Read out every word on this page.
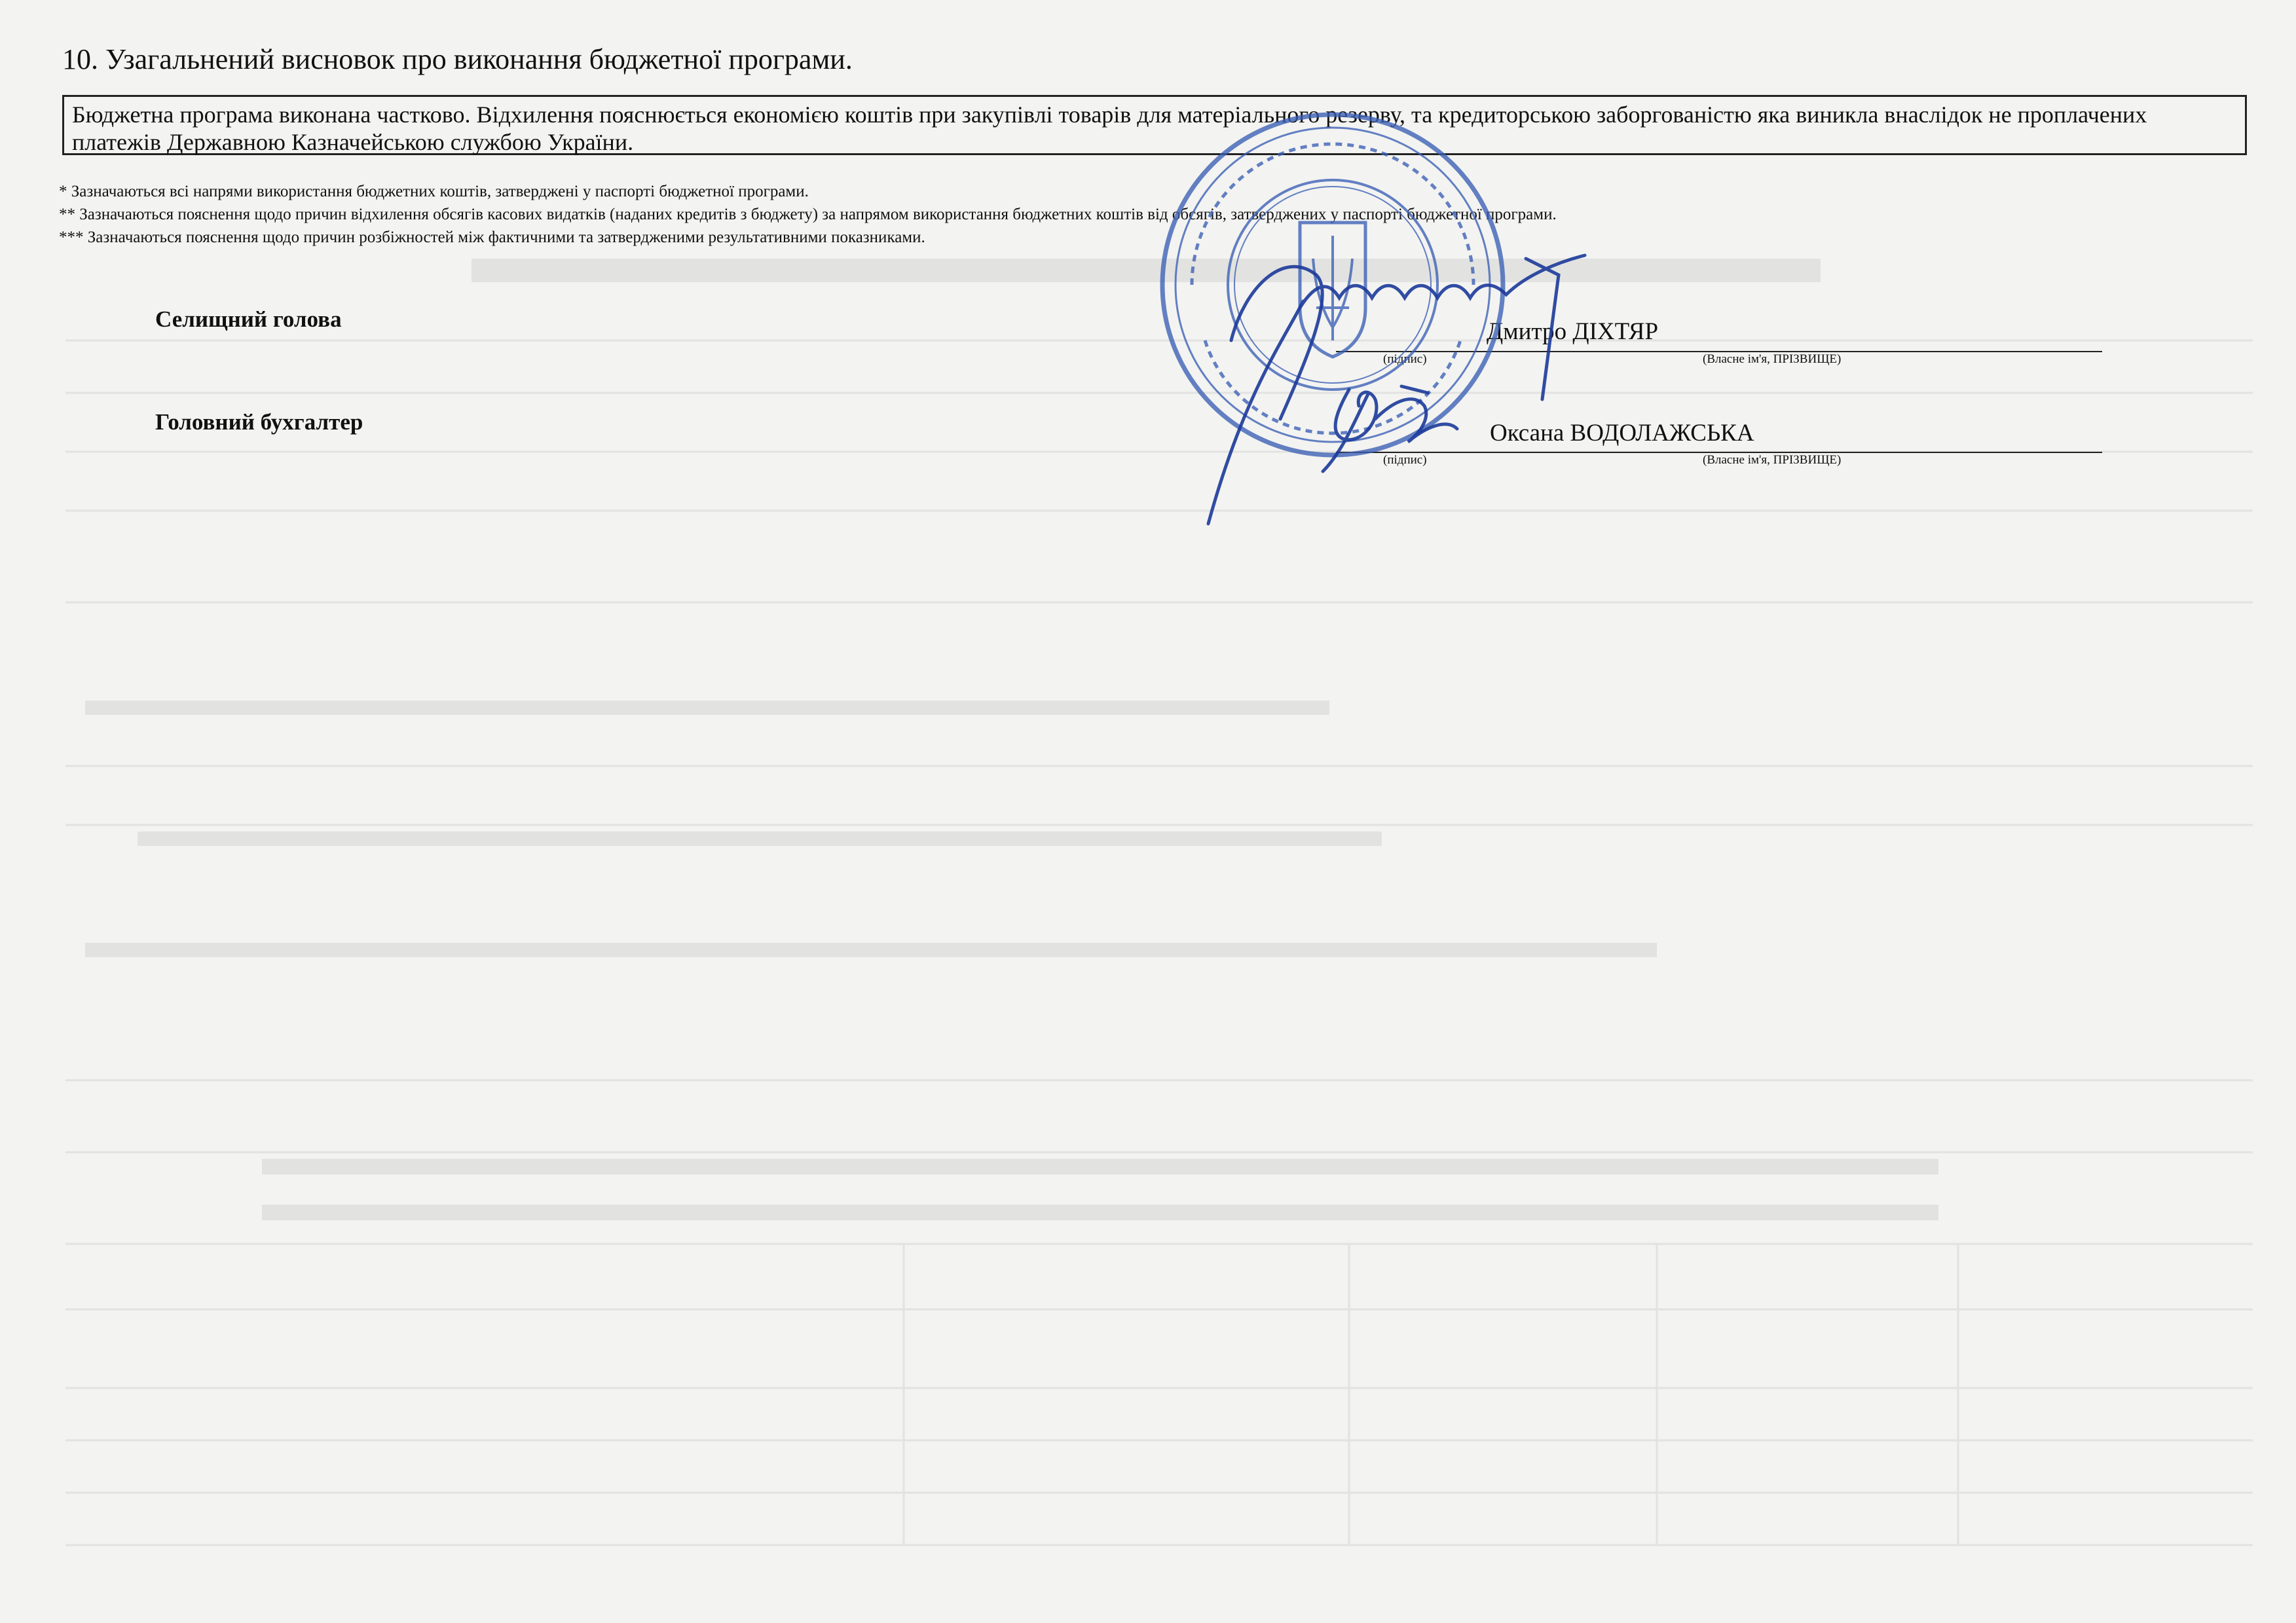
10. Узагальнений висновок про виконання бюджетної програми.
Бюджетна програма виконана частково. Відхилення пояснюється економією коштів при закупівлі товарів для матеріального резерву, та кредиторською заборгованістю яка виникла внаслідок не проплачених платежів Державною Казначейською службою України.
* Зазначаються всі напрями використання бюджетних коштів, затверджені у паспорті бюджетної програми.
** Зазначаються пояснення щодо причин відхилення обсягів касових видатків (наданих кредитів з бюджету) за напрямом використання бюджетних коштів від обсягів, затверджених у паспорті бюджетної програми.
*** Зазначаються пояснення щодо причин розбіжностей між фактичними та затвердженими результативними показниками.
Селищний голова	Дмитро ДІХТЯР
(підпис)	(Власне ім'я, ПРІЗВИЩЕ)
Головний бухгалтер	Оксана ВОДОЛАЖСЬКА
(підпис)	(Власне ім'я, ПРІЗВИЩЕ)
